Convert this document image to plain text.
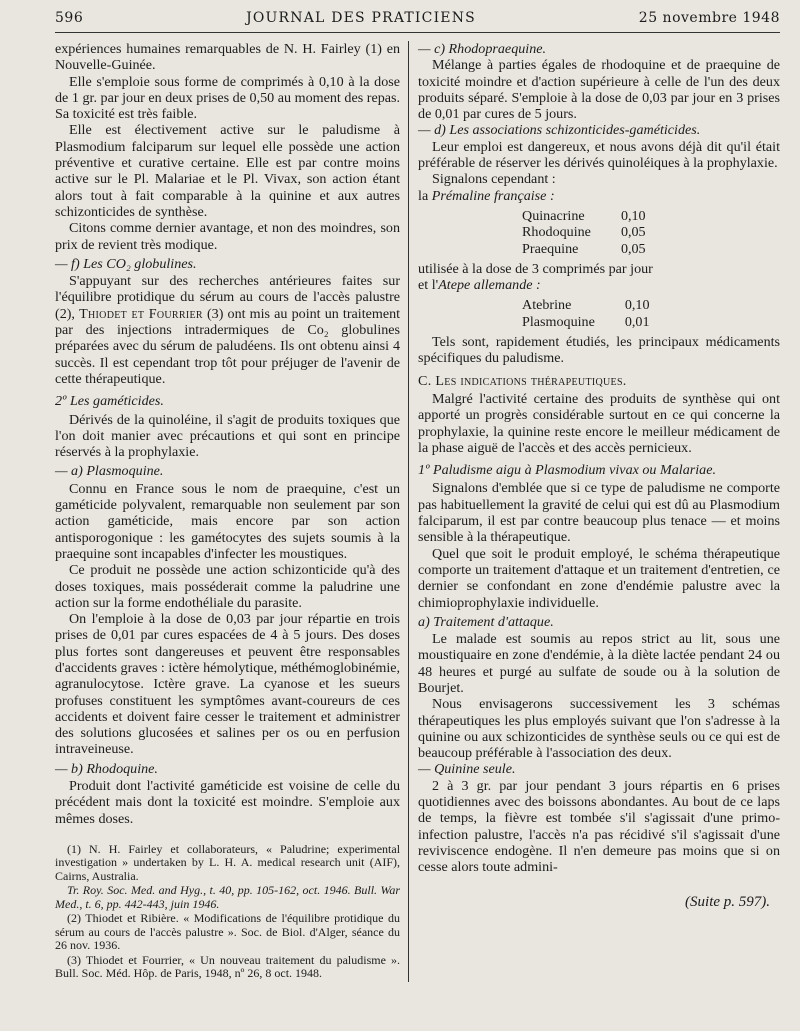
596	JOURNAL DES PRATICIENS	25 novembre 1948

expériences humaines remarquables de N. H. Fairley (1) en Nouvelle-Guinée.

Elle s'emploie sous forme de comprimés à 0,10 à la dose de 1 gr. par jour en deux prises de 0,50 au moment des repas. Sa toxicité est très faible.

Elle est électivement active sur le paludisme à Plasmodium falciparum sur lequel elle possède une action préventive et curative certaine. Elle est par contre moins active sur le Pl. Malariae et le Pl. Vivax, son action étant alors tout à fait comparable à la quinine et aux autres schizonticides de synthèse.

Citons comme dernier avantage, et non des moindres, son prix de revient très modique.

— f) Les CO₂ globulines.

S'appuyant sur des recherches antérieures faites sur l'équilibre protidique du sérum au cours de l'accès palustre (2), Thiodet et Fourrier (3) ont mis au point un traitement par des injections intradermiques de Co₂ globulines préparées avec du sérum de paludéens. Ils ont obtenu ainsi 4 succès. Il est cependant trop tôt pour préjuger de l'avenir de cette thérapeutique.

2º Les gaméticides.

Dérivés de la quinoléine, il s'agit de produits toxiques que l'on doit manier avec précautions et qui sont en principe réservés à la prophylaxie.

— a) Plasmoquine.

Connu en France sous le nom de praequine, c'est un gaméticide polyvalent, remarquable non seulement par son action gaméticide, mais encore par son action antisporogonique : les gamétocytes des sujets soumis à la praequine sont incapables d'infecter les moustiques.

Ce produit ne possède une action schizonticide qu'à des doses toxiques, mais posséderait comme la paludrine une action sur la forme endothéliale du parasite.

On l'emploie à la dose de 0,03 par jour répartie en trois prises de 0,01 par cures espacées de 4 à 5 jours. Des doses plus fortes sont dangereuses et peuvent être responsables d'accidents graves : ictère hémolytique, méthémoglobinémie, agranulocytose. Ictère grave. La cyanose et les sueurs profuses constituent les symptômes avant-coureurs de ces accidents et doivent faire cesser le traitement et administrer des solutions glucosées et salines per os ou en perfusion intraveineuse.

— b) Rhodoquine.

Produit dont l'activité gaméticide est voisine de celle du précédent mais dont la toxicité est moindre. S'emploie aux mêmes doses.

(1) N. H. Fairley et collaborateurs, « Paludrine; experimental investigation » undertaken by L. H. A. medical research unit (AIF), Cairns, Australia.

Tr. Roy. Soc. Med. and Hyg., t. 40, pp. 105-162, oct. 1946. Bull. War Med., t. 6, pp. 442-443, juin 1946.

(2) Thiodet et Ribière. « Modifications de l'équilibre protidique du sérum au cours de l'accès palustre ». Soc. de Biol. d'Alger, séance du 26 nov. 1936.

(3) Thiodet et Fourrier, « Un nouveau traitement du paludisme ». Bull. Soc. Méd. Hôp. de Paris, 1948, nº 26, 8 oct. 1948.

— c) Rhodopraequine.

Mélange à parties égales de rhodoquine et de praequine de toxicité moindre et d'action supérieure à celle de l'un des deux produits séparé. S'emploie à la dose de 0,03 par jour en 3 prises de 0,01 par cures de 5 jours.

— d) Les associations schizonticides-gaméticides.

Leur emploi est dangereux, et nous avons déjà dit qu'il était préférable de réserver les dérivés quinoléiques à la prophylaxie.

Signalons cependant :

la Prémaline française :

Quinacrine	0,10
Rhodoquine	0,05
Praequine	0,05

utilisée à la dose de 3 comprimés par jour

et l'Atepe allemande :

Atebrine	0,10
Plasmoquine	0,01

Tels sont, rapidement étudiés, les principaux médicaments spécifiques du paludisme.

C. Les indications thérapeutiques.

Malgré l'activité certaine des produits de synthèse qui ont apporté un progrès considérable surtout en ce qui concerne la prophylaxie, la quinine reste encore le meilleur médicament de la phase aiguë de l'accès et des accès pernicieux.

1º Paludisme aigu à Plasmodium vivax ou Malariae.

Signalons d'emblée que si ce type de paludisme ne comporte pas habituellement la gravité de celui qui est dû au Plasmodium falciparum, il est par contre beaucoup plus tenace — et moins sensible à la thérapeutique.

Quel que soit le produit employé, le schéma thérapeutique comporte un traitement d'attaque et un traitement d'entretien, ce dernier se confondant en zone d'endémie palustre avec la chimioprophylaxie individuelle.

a) Traitement d'attaque.

Le malade est soumis au repos strict au lit, sous une moustiquaire en zone d'endémie, à la diète lactée pendant 24 ou 48 heures et purgé au sulfate de soude ou à la solution de Bourjet.

Nous envisagerons successivement les 3 schémas thérapeutiques les plus employés suivant que l'on s'adresse à la quinine ou aux schizonticides de synthèse seuls ou ce qui est de beaucoup préférable à l'association des deux.

— Quinine seule.

2 à 3 gr. par jour pendant 3 jours répartis en 6 prises quotidiennes avec des boissons abondantes. Au bout de ce laps de temps, la fièvre est tombée s'il s'agissait d'une primo-infection palustre, l'accès n'a pas récidivé s'il s'agissait d'une reviviscence endogène. Il n'en demeure pas moins que si on cesse alors toute admini-

(Suite p. 597).
